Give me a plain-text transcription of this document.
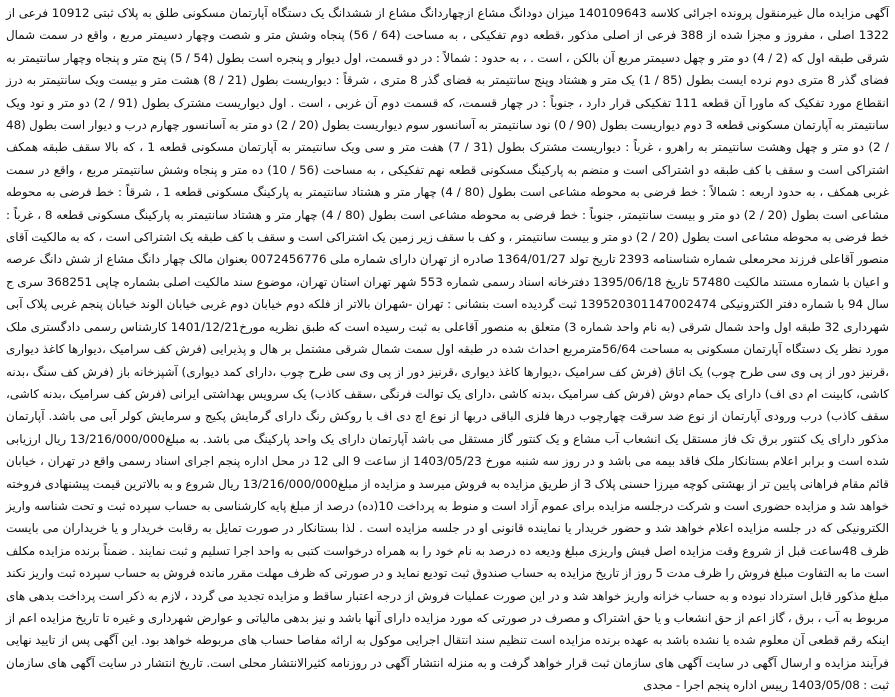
آگهی مزایده مال غیرمنقول پرونده اجرائی کلاسه 140109643 میزان دودانگ مشاع ازچهاردانگ مشاع از ششدانگ یک دستگاه آپارتمان مسکونی طلق به پلاک ثبتی 10912 فرعی از 1322 اصلی ، مفروز و مجزا شده از 388 فرعی از اصلی مذکور ،قطعه دوم تفکیکی ، به مساحت (64 / 56) پنجاه وشش متر و شصت وچهار دسیمتر مربع ، واقع در سمت شمال شرقی طبقه اول که (2 / 4) دو متر و چهل دسیمتر مربع آن بالکن ، است . ، به حدود : شمالاً : در دو قسمت، اول دیوار و پنجره است بطول (54 / 5) پنج متر و پنجاه وچهار سانتیمتر به فضای گذر 8 متری دوم نرده ایست بطول (85 / 1) یک متر و هشتاد وپنج سانتیمتر به فضای گذر 8 متری ، شرقاً : دیواریست بطول (21 / 8) هشت متر و بیست ویک سانتیمتر به درز انقطاع مورد تفکیک که ماورا آن قطعه 111 تفکیکی قرار دارد ، جنوباً : در چهار قسمت، که قسمت دوم آن غربی ، است . اول دیواریست مشترک بطول (91 / 2) دو متر و نود ویک سانتیمتر به آپارتمان مسکونی قطعه 3 دوم دیواریست بطول (90 / 0) نود سانتیمتر به آسانسور سوم دیواریست بطول (20 / 2) دو متر به آسانسور چهارم درب و دیوار است بطول (48 / 2) دو متر و چهل وهشت سانتیمتر به راهرو ، غرباً : دیواریست مشترک بطول (31 / 7) هفت متر و سی ویک سانتیمتر به آپارتمان مسکونی قطعه 1 ، که بالا سقف طبقه همکف اشتراکی است و سقف با کف طبقه دو اشتراکی است و منضم به پارکینگ مسکونی قطعه نهم تفکیکی ، به مساحت (56 / 10) ده متر و پنجاه وشش سانتیمتر مربع ، واقع در سمت غربی همکف ، به حدود اربعه : شمالاً : خط فرضی به محوطه مشاعی است بطول (80 / 4) چهار متر و هشتاد سانتیمتر به پارکینگ مسکونی قطعه 1 ، شرقاً : خط فرضی به محوطه مشاعی است بطول (20 / 2) دو متر و بیست سانتیمتر، جنوباً : خط فرضی به محوطه مشاعی است بطول (80 / 4) چهار متر و هشتاد سانتیمتر به پارکینگ مسکونی قطعه 8 ، غرباً : خط فرضی به محوطه مشاعی است بطول (20 / 2) دو متر و بیست سانتیمتر ، و کف با سقف زیر زمین یک اشتراکی است و سقف با کف طبقه یک اشتراکی است ، که به مالکیت آقای منصور آقاعلی فرزند محرمعلی شماره شناسنامه 2393 تاریخ تولد 1364/01/27 صادره از تهران دارای شماره ملی 0072456776 بعنوان مالک چهار دانگ مشاع از شش دانگ عرصه و اعیان با شماره مستند مالکیت 57480 تاریخ 1395/06/18 دفترخانه اسناد رسمی شماره 553 شهر تهران استان تهران، موضوع سند مالکیت اصلی بشماره چاپی 368251 سری ج سال 94 با شماره دفتر الکترونیکی 139520301147002474 ثبت گردیده است بنشانی : تهران -شهران بالاتر از فلکه دوم خیابان دوم غربی خیابان الوند خیابان پنجم غربی پلاک آبی شهرداری 32 طبقه اول واحد شمال شرقی (به نام واحد شماره 3) متعلق به منصور آقاعلی به ثبت رسیده است که طبق نظریه مورخ1401/12/21 کارشناس رسمی دادگستری ملک مورد نظر یک دستگاه آپارتمان مسکونی به مساحت 56/64مترمربع احداث شده در طبقه اول سمت شمال شرقی مشتمل بر هال و پذیرایی (فرش کف سرامیک ،دیوارها کاغذ دیواری ،قرنیز دور از پی وی سی طرح چوب) یک اتاق (فرش کف سرامیک ،دیوارها کاغذ دیواری ،قرنیز دور از پی وی سی طرح چوب ،دارای کمد دیواری) آشپزخانه باز (فرش کف سنگ ،بدنه کاشی، کابینت ام دی اف) دارای یک حمام دوش (فرش کف سرامیک ،بدنه کاشی ،دارای یک توالت فرنگی ،سقف کاذب) یک سرویس بهداشتی ایرانی (فرش کف سرامیک ،بدنه کاشی، سقف کاذب) درب ورودی آپارتمان از نوع ضد سرقت چهارچوب درها فلزی الباقی دربها از نوع اچ دی اف با روکش رنگ دارای گرمایش پکیج و سرمایش کولر آبی می باشد. آپارتمان مذکور دارای یک کنتور برق تک فاز مستقل یک انشعاب آب مشاع و یک کنتور گاز مستقل می باشد آپارتمان دارای یک واحد پارکینگ می باشد. به مبلغ13/216/000/000 ریال ارزیابی شده است و برابر اعلام بستانکار ملک فاقد بیمه می باشد و در روز سه شنبه مورخ 1403/05/23 از ساعت 9 الی 12 در محل اداره پنجم اجرای اسناد رسمی واقع در تهران ، خیابان قائم مقام فراهانی پایین تر از بهشتی کوچه میرزا حسنی پلاک 3 از طریق مزایده به فروش میرسد و مزایده از مبلغ13/216/000/000 ریال شروع و به بالاترین قیمت پیشنهادی فروخته خواهد شد و مزایده حضوری است و شرکت درجلسه مزایده برای عموم آزاد است و منوط به پرداخت 10(ده) درصد از مبلغ پایه کارشناسی به حساب سپرده ثبت و تحت شناسه واریز الکترونیکی که در جلسه مزایده اعلام خواهد شد و حضور خریدار یا نماینده قانونی او در جلسه مزایده است . لذا بستانکار در صورت تمایل به رقابت خریدار و یا خریداران می بایست ظرف 48ساعت قبل از شروع وقت مزایده اصل فیش واریزی مبلغ ودیعه ده درصد به نام خود را به همراه درخواست کتبی به واحد اجرا تسلیم و ثبت نمایند . ضمناً برنده مزایده مکلف است ما به التفاوت مبلغ فروش را ظرف مدت 5 روز از تاریخ مزایده به حساب صندوق ثبت تودیع نماید و در صورتی که ظرف مهلت مقرر مانده فروش به حساب سپرده ثبت واریز نکند مبلغ مذکور قابل استرداد نبوده و به حساب خزانه واریز خواهد شد و در این صورت عملیات فروش از درجه اعتبار ساقط و مزایده تجدید می گردد ، لازم به ذکر است پرداخت بدهی های مربوط به آب ، برق ، گاز اعم از حق انشعاب و یا حق اشتراک و مصرف در صورتی که مورد مزایده دارای آنها باشد و نیز بدهی مالیاتی و عوارض شهرداری و غیره تا تاریخ مزایده اعم از اینکه رقم قطعی آن معلوم شده یا نشده باشد به عهده برنده مزایده است تنظیم سند انتقال اجرایی موکول به ارائه مفاصا حساب های مربوطه خواهد بود. این آگهی پس از تایید نهایی فرآیند مزایده و ارسال آگهی در سایت آگهی های سازمان ثبت قرار خواهد گرفت و به منزله انتشار آگهی در روزنامه کثیرالانتشار محلی است. تاریخ انتشار در سایت آگهی های سازمان ثبت : 1403/05/08 رییس اداره پنجم اجرا - مجدی
